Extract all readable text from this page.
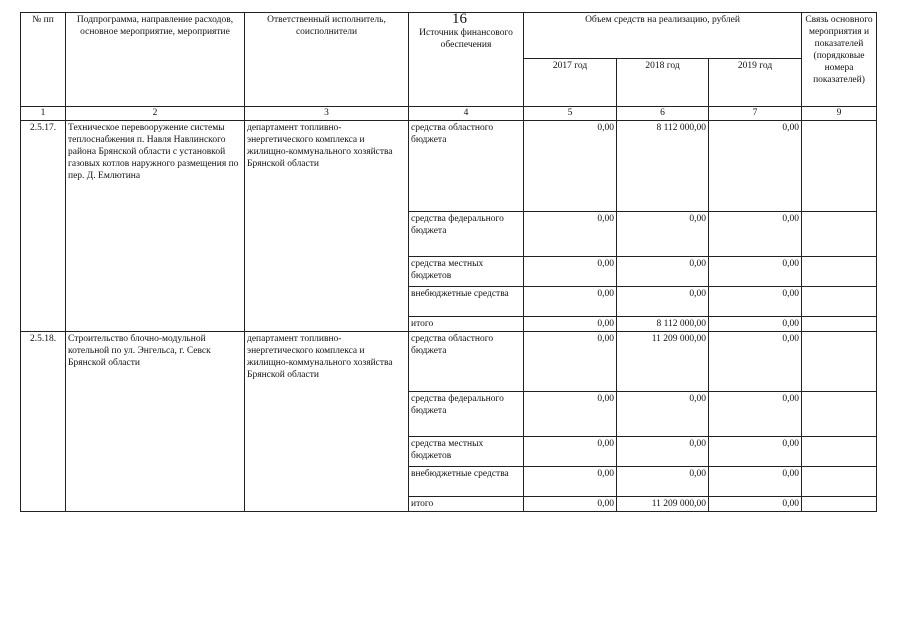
16
№ пп	Подпрограмма, направление расходов, основное мероприятие, мероприятие	Ответственный исполнитель, соисполнители	Источник финансового обеспечения	Объем средств на реализацию, рублей			Связь основного мероприятия и показателей (порядковые номера показателей)
				2017 год	2018 год	2019 год	
1	2	3	4	5	6	7	9
2.5.17.	Техническое перевооружение системы теплоснабжения п. Навля Навлинского района Брянской области с установкой газовых котлов наружного размещения по пер. Д. Емлютина	департамент топливно-энергетического комплекса и жилищно-коммунального хозяйства Брянской области	средства областного бюджета	0,00	8 112 000,00	0,00	
			средства федерального бюджета	0,00	0,00	0,00	
			средства местных бюджетов	0,00	0,00	0,00	
			внебюджетные средства	0,00	0,00	0,00	
			итого	0,00	8 112 000,00	0,00	
2.5.18.	Строительство блочно-модульной котельной по ул. Энгельса, г. Севск Брянской области	департамент топливно-энергетического комплекса и жилищно-коммунального хозяйства Брянской области	средства областного бюджета	0,00	11 209 000,00	0,00	
			средства федерального бюджета	0,00	0,00	0,00	
			средства местных бюджетов	0,00	0,00	0,00	
			внебюджетные средства	0,00	0,00	0,00	
			итого	0,00	11 209 000,00	0,00	
